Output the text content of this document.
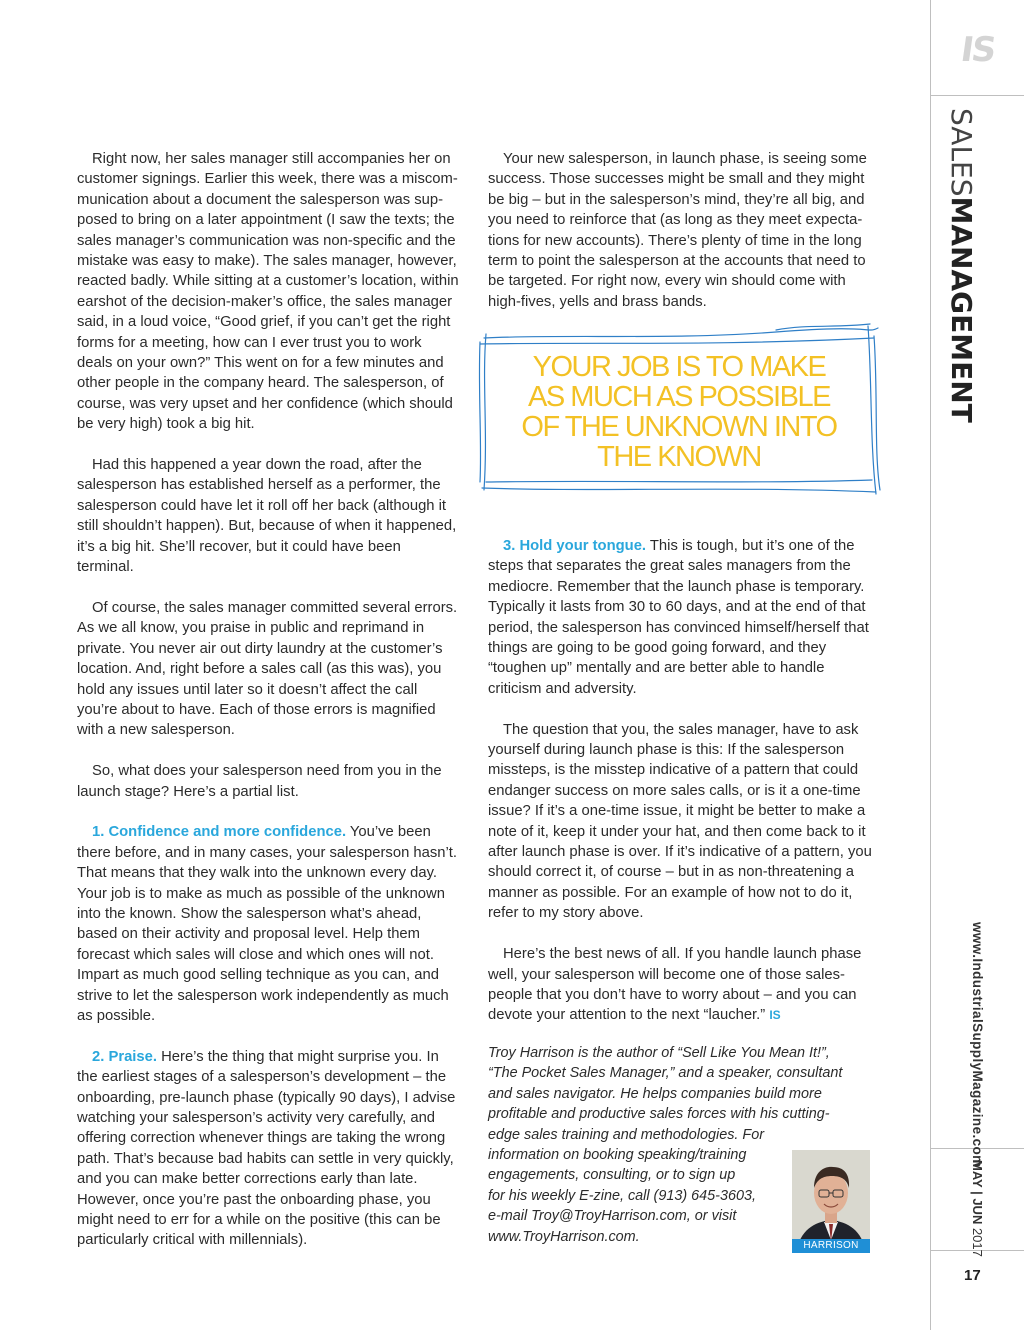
Right now, her sales manager still accompanies her on customer signings. Earlier this week, there was a miscommunication about a document the salesperson was supposed to bring on a later appointment (I saw the texts; the sales manager’s communication was non-specific and the mistake was easy to make). The sales manager, however, reacted badly. While sitting at a customer’s location, within earshot of the decision-maker’s office, the sales manager said, in a loud voice, “Good grief, if you can’t get the right forms for a meeting, how can I ever trust you to work deals on your own?” This went on for a few minutes and other people in the company heard. The salesperson, of course, was very upset and her confidence (which should be very high) took a big hit.

Had this happened a year down the road, after the salesperson has established herself as a performer, the salesperson could have let it roll off her back (although it still shouldn’t happen). But, because of when it happened, it’s a big hit. She’ll recover, but it could have been terminal.

Of course, the sales manager committed several errors. As we all know, you praise in public and reprimand in private. You never air out dirty laundry at the customer’s location. And, right before a sales call (as this was), you hold any issues until later so it doesn’t affect the call you’re about to have. Each of those errors is magnified with a new salesperson.

So, what does your salesperson need from you in the launch stage? Here’s a partial list.

1. Confidence and more confidence. You’ve been there before, and in many cases, your salesperson hasn’t. That means that they walk into the unknown every day. Your job is to make as much as possible of the unknown into the known. Show the salesperson what’s ahead, based on their activity and proposal level. Help them forecast which sales will close and which ones will not. Impart as much good selling technique as you can, and strive to let the salesperson work independently as much as possible.

2. Praise. Here’s the thing that might surprise you. In the earliest stages of a salesperson’s development – the onboarding, pre-launch phase (typically 90 days), I advise watching your salesperson’s activity very carefully, and offering correction whenever things are taking the wrong path. That’s because bad habits can settle in very quickly, and you can make better corrections early than late. However, once you’re past the onboarding phase, you might need to err for a while on the positive (this can be particularly critical with millennials).

Your new salesperson, in launch phase, is seeing some success. Those successes might be small and they might be big – but in the salesperson’s mind, they’re all big, and you need to reinforce that (as long as they meet expectations for new accounts). There’s plenty of time in the long term to point the salesperson at the accounts that need to be targeted. For right now, every win should come with high-fives, yells and brass bands.

YOUR JOB IS TO MAKE
AS MUCH AS POSSIBLE
OF THE UNKNOWN INTO
THE KNOWN

3. Hold your tongue. This is tough, but it’s one of the steps that separates the great sales managers from the mediocre. Remember that the launch phase is temporary. Typically it lasts from 30 to 60 days, and at the end of that period, the salesperson has convinced himself/herself that things are going to be good going forward, and they “toughen up” mentally and are better able to handle criticism and adversity.

The question that you, the sales manager, have to ask yourself during launch phase is this: If the salesperson missteps, is the misstep indicative of a pattern that could endanger success on more sales calls, or is it a one-time issue? If it’s a one-time issue, it might be better to make a note of it, keep it under your hat, and then come back to it after launch phase is over. If it’s indicative of a pattern, you should correct it, of course – but in as non-threatening a manner as possible. For an example of how not to do it, refer to my story above.

Here’s the best news of all. If you handle launch phase well, your salesperson will become one of those salespeople that you don’t have to worry about – and you can devote your attention to the next “laucher.” IS

Troy Harrison is the author of “Sell Like You Mean It!”,
“The Pocket Sales Manager,” and a speaker, consultant
and sales navigator. He helps companies build more
profitable and productive sales forces with his cutting-
edge sales training and methodologies. For
information on booking speaking/training
engagements, consulting, or to sign up
for his weekly E-zine, call (913) 645-3603,
e-mail Troy@TroyHarrison.com, or visit
www.TroyHarrison.com.
HARRISON
IS
SALESMANAGEMENT
www.IndustrialSupplyMagazine.com
MAY | JUN 2017
17
